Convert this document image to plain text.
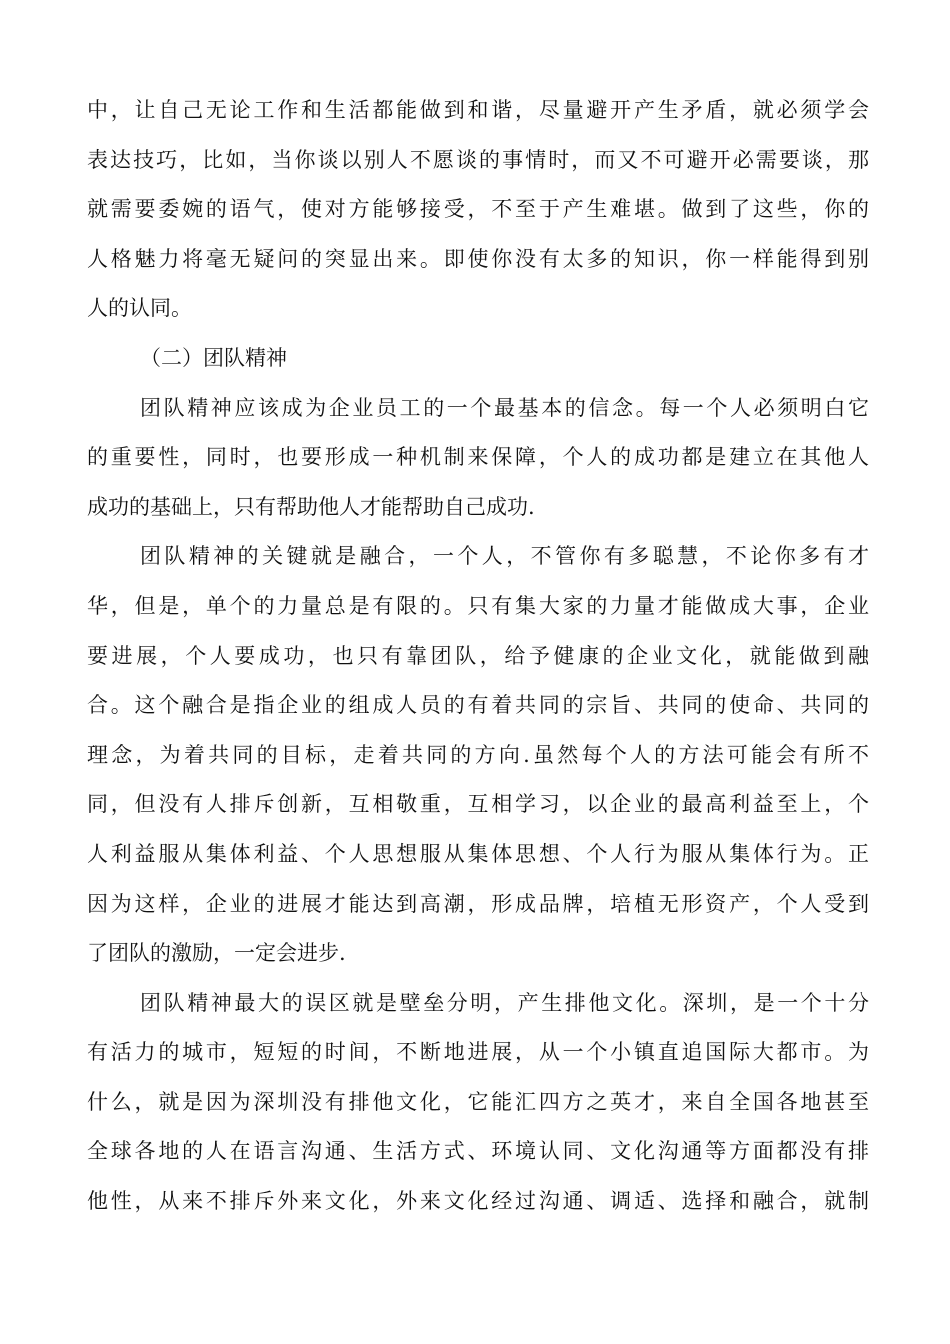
中，让自己无论工作和生活都能做到和谐，尽量避开产生矛盾，就必须学会
表达技巧，比如，当你谈以别人不愿谈的事情时，而又不可避开必需要谈，那
就需要委婉的语气，使对方能够接受，不至于产生难堪。做到了这些，你的
人格魅力将毫无疑问的突显出来。即使你没有太多的知识，你一样能得到别
人的认同。
（二）团队精神
团队精神应该成为企业员工的一个最基本的信念。每一个人必须明白它
的重要性，同时，也要形成一种机制来保障，个人的成功都是建立在其他人
成功的基础上，只有帮助他人才能帮助自己成功.
团队精神的关键就是融合，一个人，不管你有多聪慧，不论你多有才
华，但是，单个的力量总是有限的。只有集大家的力量才能做成大事，企业
要进展，个人要成功，也只有靠团队，给予健康的企业文化，就能做到融
合。这个融合是指企业的组成人员的有着共同的宗旨、共同的使命、共同的
理念，为着共同的目标，走着共同的方向.虽然每个人的方法可能会有所不
同，但没有人排斥创新，互相敬重，互相学习，以企业的最高利益至上，个
人利益服从集体利益、个人思想服从集体思想、个人行为服从集体行为。正
因为这样，企业的进展才能达到高潮，形成品牌，培植无形资产，个人受到
了团队的激励，一定会进步.
团队精神最大的误区就是壁垒分明，产生排他文化。深圳，是一个十分
有活力的城市，短短的时间，不断地进展，从一个小镇直追国际大都市。为
什么，就是因为深圳没有排他文化，它能汇四方之英才，来自全国各地甚至
全球各地的人在语言沟通、生活方式、环境认同、文化沟通等方面都没有排
他性，从来不排斥外来文化，外来文化经过沟通、调适、选择和融合，就制
